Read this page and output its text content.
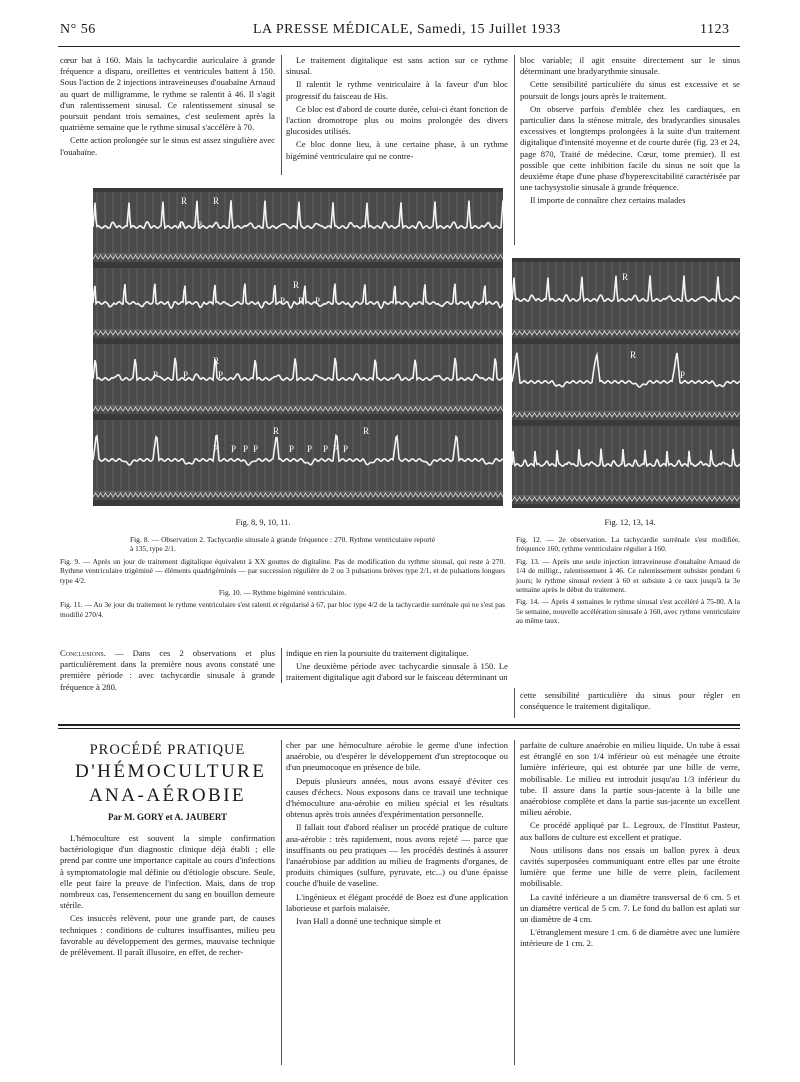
N° 56	LA PRESSE MÉDICALE, Samedi, 15 Juillet 1933	1123

cœur bat à 160. Mais la tachycardie auriculaire à grande fréquence a disparu, oreillettes et ventricules battent à 150. Sous l'action de 2 injections intraveineuses d'ouabaïne Arnaud au quart de milligramme, le rythme se ralentit à 46. Il s'agit d'un ralentissement sinusal. Ce ralentissement sinusal se poursuit pendant trois semaines, c'est seulement après la quatrième semaine que le rythme sinusal s'accélère à 70.

Cette action prolongée sur le sinus est assez singulière avec l'ouabaïne.

Le traitement digitalique est sans action sur ce rythme sinusal.

Il ralentit le rythme ventriculaire à la faveur d'un bloc progressif du faisceau de His.

Ce bloc est d'abord de courte durée, celui-ci étant fonction de l'action dromotrope plus ou moins prolongée des divers glucosides utilisés.

Ce bloc donne lieu, à une certaine phase, à un rythme bigéminé ventriculaire qui ne contre-

bloc variable; il agit ensuite directement sur le sinus déterminant une bradyarythmie sinusale.

Cette sensibilité particulière du sinus est excessive et se poursuit de longs jours après le traitement.

On observe parfois d'emblée chez les cardiaques, en particulier dans la sténose mitrale, des bradycardies sinusales excessives et longtemps prolongées à la suite d'un traitement digitalique d'intensité moyenne et de courte durée (fig. 23 et 24, page 870, Traité de médecine. Cœur, tome premier). Il est possible que cette inhibition facile du sinus ne soit que la deuxième étape d'une phase d'hyperexcitabilité caractérisée par une tachysystolie sinusale à grande fréquence.

Il importe de connaître chez certains malades

R	R
P
P
R
P P P
R
P	P	P
R
P P	P P
R
P P	P P P
Fig. 8, 9, 10, 11.
R
R
P
Fig. 12, 13, 14.

Fig. 8. — Observation 2. Tachycardie sinusale à grande fréquence : 270. Rythme ventriculaire reporté à 135, type 2/1.

Fig. 9. — Après un jour de traitement digitalique équivalent à XX gouttes de digitaline. Pas de modification du rythme sinusal, qui reste à 270. Rythme ventriculaire trigéminé — éléments quadrigéminés — par succession régulière de 2 ou 3 pulsations brèves type 2/1, et de pulsations longues type 4/2.

Fig. 10. — Rythme bigéminé ventriculaire.

Fig. 11. — Au 3e jour du traitement le rythme ventriculaire s'est ralenti et régularisé à 67, par bloc type 4/2 de la tachycardie surrénale qui ne s'est pas modifié 270/4.

Fig. 12. — 2e observation. La tachycardie surrénale s'est modifiée, fréquence 160, rythme ventriculaire régulier à 160.

Fig. 13. — Après une seule injection intraveineuse d'ouabaïne Arnaud de 1/4 de milligr., ralentissement à 46. Ce ralentissement subsiste pendant 6 jours; le rythme sinusal revient à 60 et subsiste à ce taux jusqu'à la 3e semaine après le début du traitement.

Fig. 14. — Après 4 semaines le rythme sinusal s'est accéléré à 75-80. A la 5e semaine, nouvelle accélération sinusale à 160, avec rythme ventriculaire au même taux.

Conclusions. — Dans ces 2 observations et plus particulièrement dans la première nous avons constaté une première période : avec tachycardie sinusale à grande fréquence à 280.

indique en rien la poursuite du traitement digitalique.

Une deuxième période avec tachycardie sinusale à 150. Le traitement digitalique agit d'abord sur le faisceau déterminant un

cette sensibilité particulière du sinus pour régler en conséquence le traitement digitalique.

PROCÉDÉ PRATIQUE
D'HÉMOCULTURE ANA-AÉROBIE
Par M. GORY et A. JAUBERT

L'hémoculture est souvent la simple confirmation bactériologique d'un diagnostic clinique déjà établi ; elle prend par contre une importance capitale au cours d'infections à symptomatologie mal définie ou d'étiologie obscure. Seule, elle peut faire la preuve de l'infection. Mais, dans de trop nombreux cas, l'ensemencement du sang en bouillon demeure stérile.

Ces insuccès relèvent, pour une grande part, de causes techniques : conditions de cultures insuffisantes, milieu peu favorable au développement des germes, mauvaise technique de prélèvement. Il paraît illusoire, en effet, de recher-

cher par une hémoculture aérobie le germe d'une infection anaérobie, ou d'espérer le développement d'un streptocoque ou d'un pneumocoque en présence de bile.

Depuis plusieurs années, nous avons essayé d'éviter ces causes d'échecs. Nous exposons dans ce travail une technique d'hémoculture ana-aérobie en milieu spécial et les résultats obtenus après trois années d'expérimentation personnelle.

Il fallait tout d'abord réaliser un procédé pratique de culture ana-aérobie : très rapidement, nous avons rejeté — parce que insuffisants ou peu pratiques — les procédés destinés à assurer l'anaérobiose par addition au milieu de fragments d'organes, de produits chimiques (sulfure, pyruvate, etc...) ou d'une épaisse couche d'huile de vaseline.

L'ingénieux et élégant procédé de Boez est d'une application laborieuse et parfois malaisée.

Ivan Hall a donné une technique simple et

parfaite de culture anaérobie en milieu liquide. Un tube à essai est étranglé en son 1/4 inférieur où est ménagée une étroite lumière inférieure, qui est obturée par une bille de verre, mobilisable. Le milieu est introduit jusqu'au 1/3 inférieur du tube. Il assure dans la partie sous-jacente à la bille une anaérobiose complète et dans la partie sus-jacente un excellent milieu aérobie.

Ce procédé appliqué par L. Legroux, de l'Institut Pasteur, aux ballons de culture est excellent et pratique.

Nous utilisons dans nos essais un ballon pyrex à deux cavités superposées communiquant entre elles par une étroite lumière que ferme une bille de verre plein, facilement mobilisable.

La cavité inférieure a un diamètre transversal de 6 cm. 5 et un diamètre vertical de 5 cm. 7. Le fond du ballon est aplati sur un diamètre de 4 cm.

L'étranglement mesure 1 cm. 6 de diamètre avec une lumière intérieure de 1 cm. 2.
